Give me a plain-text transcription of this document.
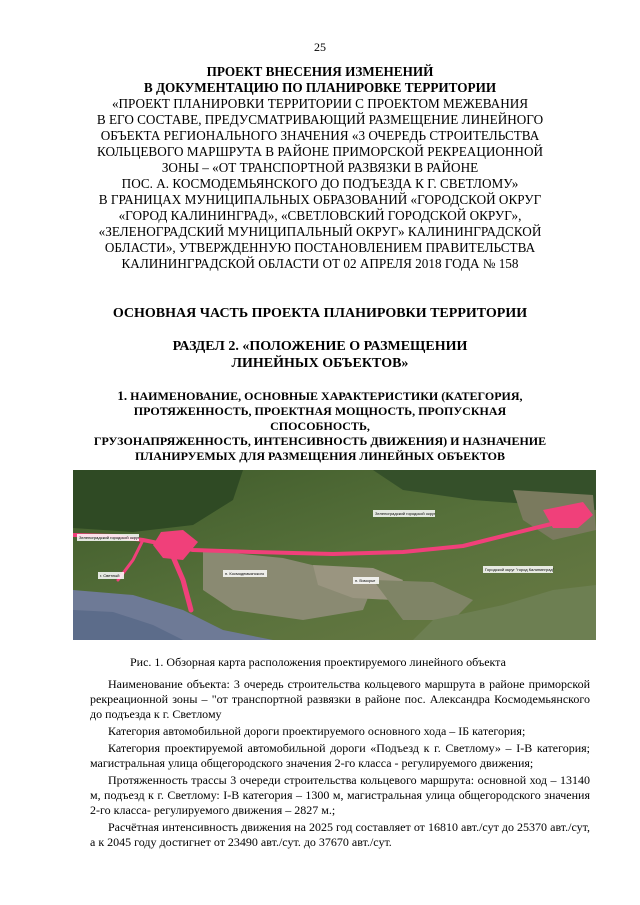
25
ПРОЕКТ ВНЕСЕНИЯ ИЗМЕНЕНИЙ
В ДОКУМЕНТАЦИЮ ПО ПЛАНИРОВКЕ ТЕРРИТОРИИ
«ПРОЕКТ ПЛАНИРОВКИ ТЕРРИТОРИИ С ПРОЕКТОМ МЕЖЕВАНИЯ
В ЕГО СОСТАВЕ, ПРЕДУСМАТРИВАЮЩИЙ РАЗМЕЩЕНИЕ ЛИНЕЙНОГО
ОБЪЕКТА РЕГИОНАЛЬНОГО ЗНАЧЕНИЯ «3 ОЧЕРЕДЬ СТРОИТЕЛЬСТВА
КОЛЬЦЕВОГО МАРШРУТА В РАЙОНЕ ПРИМОРСКОЙ РЕКРЕАЦИОННОЙ
ЗОНЫ – «ОТ ТРАНСПОРТНОЙ РАЗВЯЗКИ В РАЙОНЕ
ПОС. А. КОСМОДЕМЬЯНСКОГО ДО ПОДЪЕЗДА К Г. СВЕТЛОМУ»
В ГРАНИЦАХ МУНИЦИПАЛЬНЫХ ОБРАЗОВАНИЙ «ГОРОДСКОЙ ОКРУГ
«ГОРОД КАЛИНИНГРАД», «СВЕТЛОВСКИЙ ГОРОДСКОЙ ОКРУГ»,
«ЗЕЛЕНОГРАДСКИЙ МУНИЦИПАЛЬНЫЙ ОКРУГ» КАЛИНИНГРАДСКОЙ
ОБЛАСТИ», УТВЕРЖДЕННУЮ ПОСТАНОВЛЕНИЕМ ПРАВИТЕЛЬСТВА
КАЛИНИНГРАДСКОЙ ОБЛАСТИ ОТ 02 АПРЕЛЯ 2018 ГОДА № 158
ОСНОВНАЯ ЧАСТЬ ПРОЕКТА ПЛАНИРОВКИ ТЕРРИТОРИИ
РАЗДЕЛ 2. «ПОЛОЖЕНИЕ О РАЗМЕЩЕНИИ
ЛИНЕЙНЫХ ОБЪЕКТОВ»
1. НАИМЕНОВАНИЕ, ОСНОВНЫЕ ХАРАКТЕРИСТИКИ (КАТЕГОРИЯ,
ПРОТЯЖЕННОСТЬ, ПРОЕКТНАЯ МОЩНОСТЬ, ПРОПУСКНАЯ СПОСОБНОСТЬ,
ГРУЗОНАПРЯЖЕННОСТЬ, ИНТЕНСИВНОСТЬ ДВИЖЕНИЯ) И НАЗНАЧЕНИЕ
ПЛАНИРУЕМЫХ ДЛЯ РАЗМЕЩЕНИЯ ЛИНЕЙНЫХ ОБЪЕКТОВ
Зеленоградский городской округ
Зеленоградский городской округ
г. Светлый	п. Космодемьянского
п. Взморье
Городской округ "город Калининград"
Рис. 1. Обзорная карта расположения проектируемого линейного объекта

Наименование объекта: 3 очередь строительства кольцевого маршрута в районе приморской рекреационной зоны – "от транспортной развязки в районе пос. Александра Космодемьянского до подъезда к г. Светлому

Категория автомобильной дороги проектируемого основного хода – IБ категория;

Категория проектируемой автомобильной дороги «Подъезд к г. Светлому» – I-В категория; магистральная улица общегородского значения 2-го класса - регулируемого движения;

Протяженность трассы 3 очереди строительства кольцевого маршрута: основной ход – 13140 м, подъезд к г. Светлому: I-В категория – 1300 м, магистральная улица общегородского значения 2-го класса- регулируемого движения – 2827 м.;

Расчётная интенсивность движения на 2025 год составляет от 16810 авт./сут до 25370 авт./сут, а к 2045 году достигнет от 23490 авт./сут. до 37670 авт./сут.
